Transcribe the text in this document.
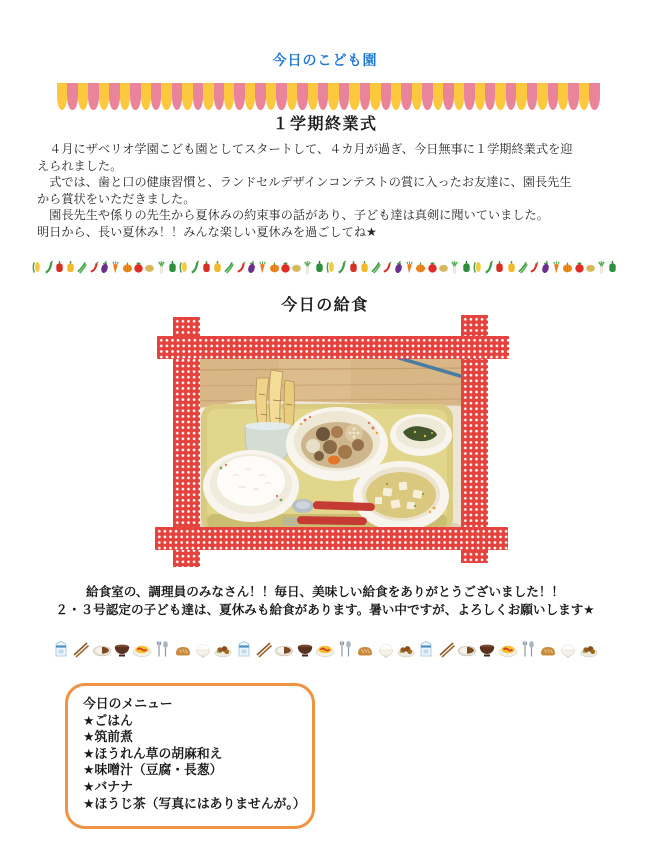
今日のこども園
１学期終業式
　４月にザベリオ学園こども園としてスタートして、４カ月が過ぎ、今日無事に１学期終業式を迎
えられました。
　式では、歯と口の健康習慣と、ランドセルデザインコンテストの賞に入ったお友達に、園長先生
から賞状をいただきました。
　園長先生や係りの先生から夏休みの約束事の話があり、子ども達は真剣に聞いていました。
明日から、長い夏休み！！みんな楽しい夏休みを過ごしてね★
今日の給食
給食室の、調理員のみなさん！！毎日、美味しい給食をありがとうございました！！
２・３号認定の子ども達は、夏休みも給食があります。暑い中ですが、よろしくお願いします★
今日のメニュー
★ごはん
★筑前煮
★ほうれん草の胡麻和え
★味噌汁（豆腐・長葱）
★バナナ
★ほうじ茶（写真にはありませんが。）
